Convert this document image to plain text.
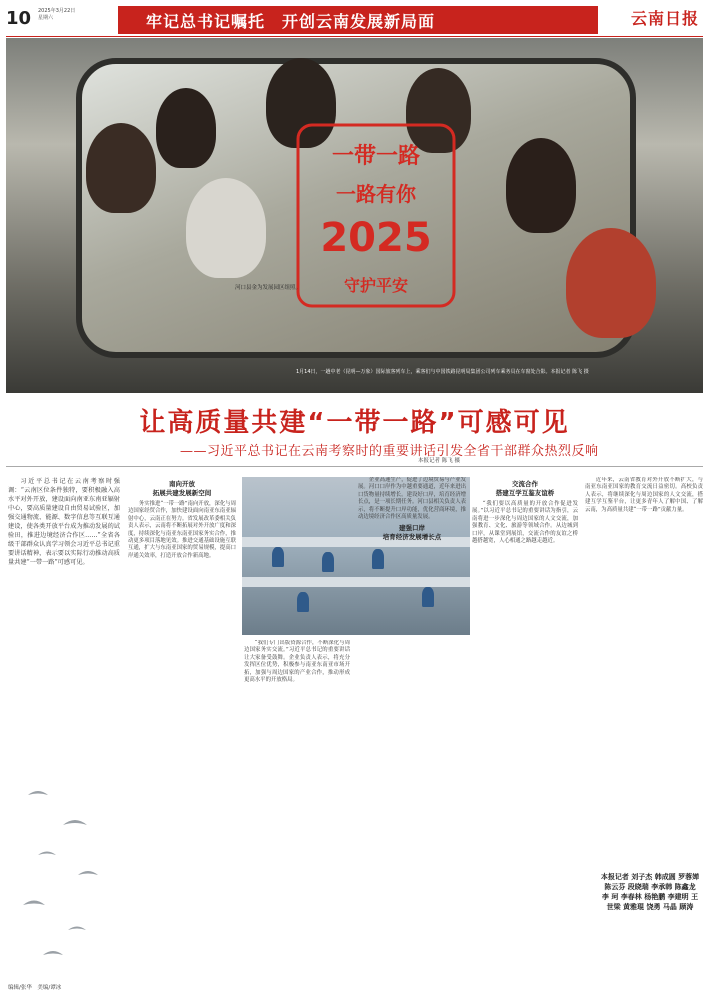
10 2025年3月22日
星期六	牢记总书记嘱托　开创云南发展新局面	云南日报
一带一路
一路有你
2025
守护平安
1月14日，一趟中老（昆明—万象）国际旅客列车上，乘客们与中国铁路昆明局集团公司列车乘务员在车窗处合影。本报记者 陈飞 摄
让高质量共建“一带一路”可感可见
——习近平总书记在云南考察时的重要讲话引发全省干部群众热烈反响

习近平总书记在云南考察时强调：“云南区位条件独特，要积极融入高水平对外开放，建设面向南亚东南亚辐射中心，要高质量建设自由贸易试验区，加强交通物流、能源、数字信息等互联互通建设，使各类开放平台成为推动发展的试验田，推进边境经济合作区……”全省各级干部群众认真学习领会习近平总书记重要讲话精神，表示要以实际行动推动高质量共建“一带一路”可感可见。

南向开放
拓展共建发展新空间

务实推进“一带一路”南向开放，深化与周边国家经贸合作，加快建设面向南亚东南亚辐射中心，云南正在努力。省发展改革委相关负责人表示，云南将不断拓展对外开放广度和深度，持续深化与南亚东南亚国家务实合作，推动更多项目落地见效。推进交通基础设施互联互通，扩大与东南亚国家的贸易规模，提高口岸通关效率，打造开放合作新高地。

“我们专门出版资源合作，不断深化与周边国家务实交流。”习近平总书记的重要讲话让大家备受鼓舞。企业负责人表示，将充分发挥区位优势，积极参与南亚东南亚市场开拓，加强与周边国家的产业合作，推动形成更高水平的开放格局。

企业高速生产，促进了边境贸易与产业发展。河口口岸作为中越重要通道，近年来进出口货物量持续增长。建设好口岸，培育经济增长点，是一项长期任务。河口县相关负责人表示，将不断提升口岸功能，优化营商环境，推动边境经济合作区高质量发展。

建强口岸
培育经济发展增长点
交流合作
搭建互学互鉴友谊桥

“我们要以高质量的开放合作促进发展。”以习近平总书记的重要讲话为指引，云南将进一步深化与周边国家的人文交流，加强教育、文化、旅游等领域合作。从边城到口岸，从课堂到展馆，交流合作的友谊之桥越搭越宽，人心相通之路越走越近。

近年来，云南省教育对外开放不断扩大，与南亚东南亚国家的教育交流日益密切。高校负责人表示，将继续深化与周边国家的人文交流，搭建互学互鉴平台，让更多青年人了解中国、了解云南，为高质量共建“一带一路”贡献力量。

本报记者 陈飞 摄
河口县金为发展园区组照。
本报记者 刘子杰 韩成圆 罗蓉婵 陈云芬 段晓瑞 李承韩 陈鑫龙 李 珂 李春林 杨艳鹏 李建明 王世梁 黄雅琨 饶勇 马晶 顾涛
编辑/张华　美编/谭冰
